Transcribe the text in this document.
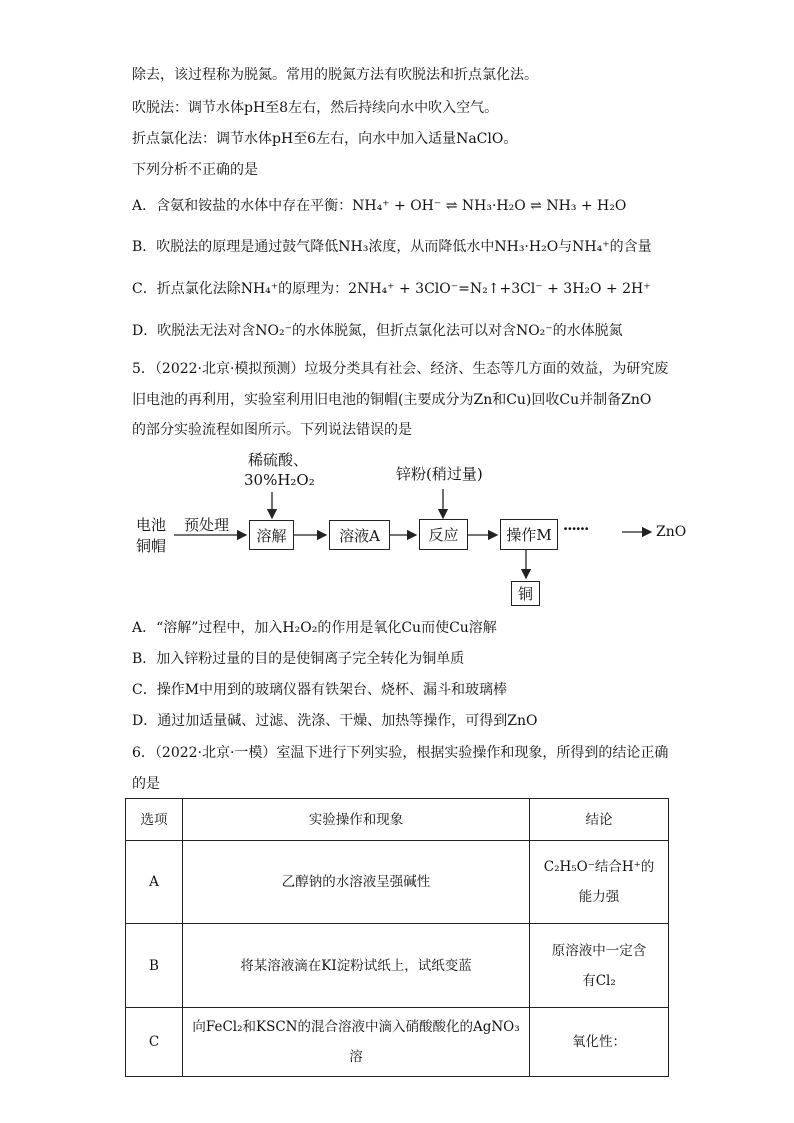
除去，该过程称为脱氮。常用的脱氮方法有吹脱法和折点氯化法。
吹脱法：调节水体pH至8左右，然后持续向水中吹入空气。
折点氯化法：调节水体pH至6左右，向水中加入适量NaClO。
下列分析不正确的是
A．含氨和铵盐的水体中存在平衡：NH₄⁺ + OH⁻ ⇌ NH₃·H₂O ⇌ NH₃ + H₂O
B．吹脱法的原理是通过鼓气降低NH₃浓度，从而降低水中NH₃·H₂O与NH₄⁺的含量
C．折点氯化法除NH₄⁺的原理为：2NH₄⁺ + 3ClO⁻=N₂↑+3Cl⁻ + 3H₂O + 2H⁺
D．吹脱法无法对含NO₂⁻的水体脱氮，但折点氯化法可以对含NO₂⁻的水体脱氮
5．（2022·北京·模拟预测）垃圾分类具有社会、经济、生态等几方面的效益，为研究废
旧电池的再利用，实验室利用旧电池的铜帽(主要成分为Zn和Cu)回收Cu并制备ZnO
的部分实验流程如图所示。下列说法错误的是
电池
铜帽
预处理
稀硫酸、
30%H₂O₂	锌粉(稍过量)
溶解	溶液A	反应	操作M
铜
······	ZnO
A．“溶解”过程中，加入H₂O₂的作用是氧化Cu而使Cu溶解
B．加入锌粉过量的目的是使铜离子完全转化为铜单质
C．操作M中用到的玻璃仪器有铁架台、烧杯、漏斗和玻璃棒
D．通过加适量碱、过滤、洗涤、干燥、加热等操作，可得到ZnO
6．（2022·北京·一模）室温下进行下列实验，根据实验操作和现象，所得到的结论正确
的是
选项	实验操作和现象	结论
A	乙醇钠的水溶液呈强碱性	C₂H₅O⁻结合H⁺的
能力强

B	将某溶液滴在KI淀粉试纸上，试纸变蓝	原溶液中一定含
有Cl₂

C	向FeCl₂和KSCN的混合溶液中滴入硝酸酸化的AgNO₃溶	氧化性：
